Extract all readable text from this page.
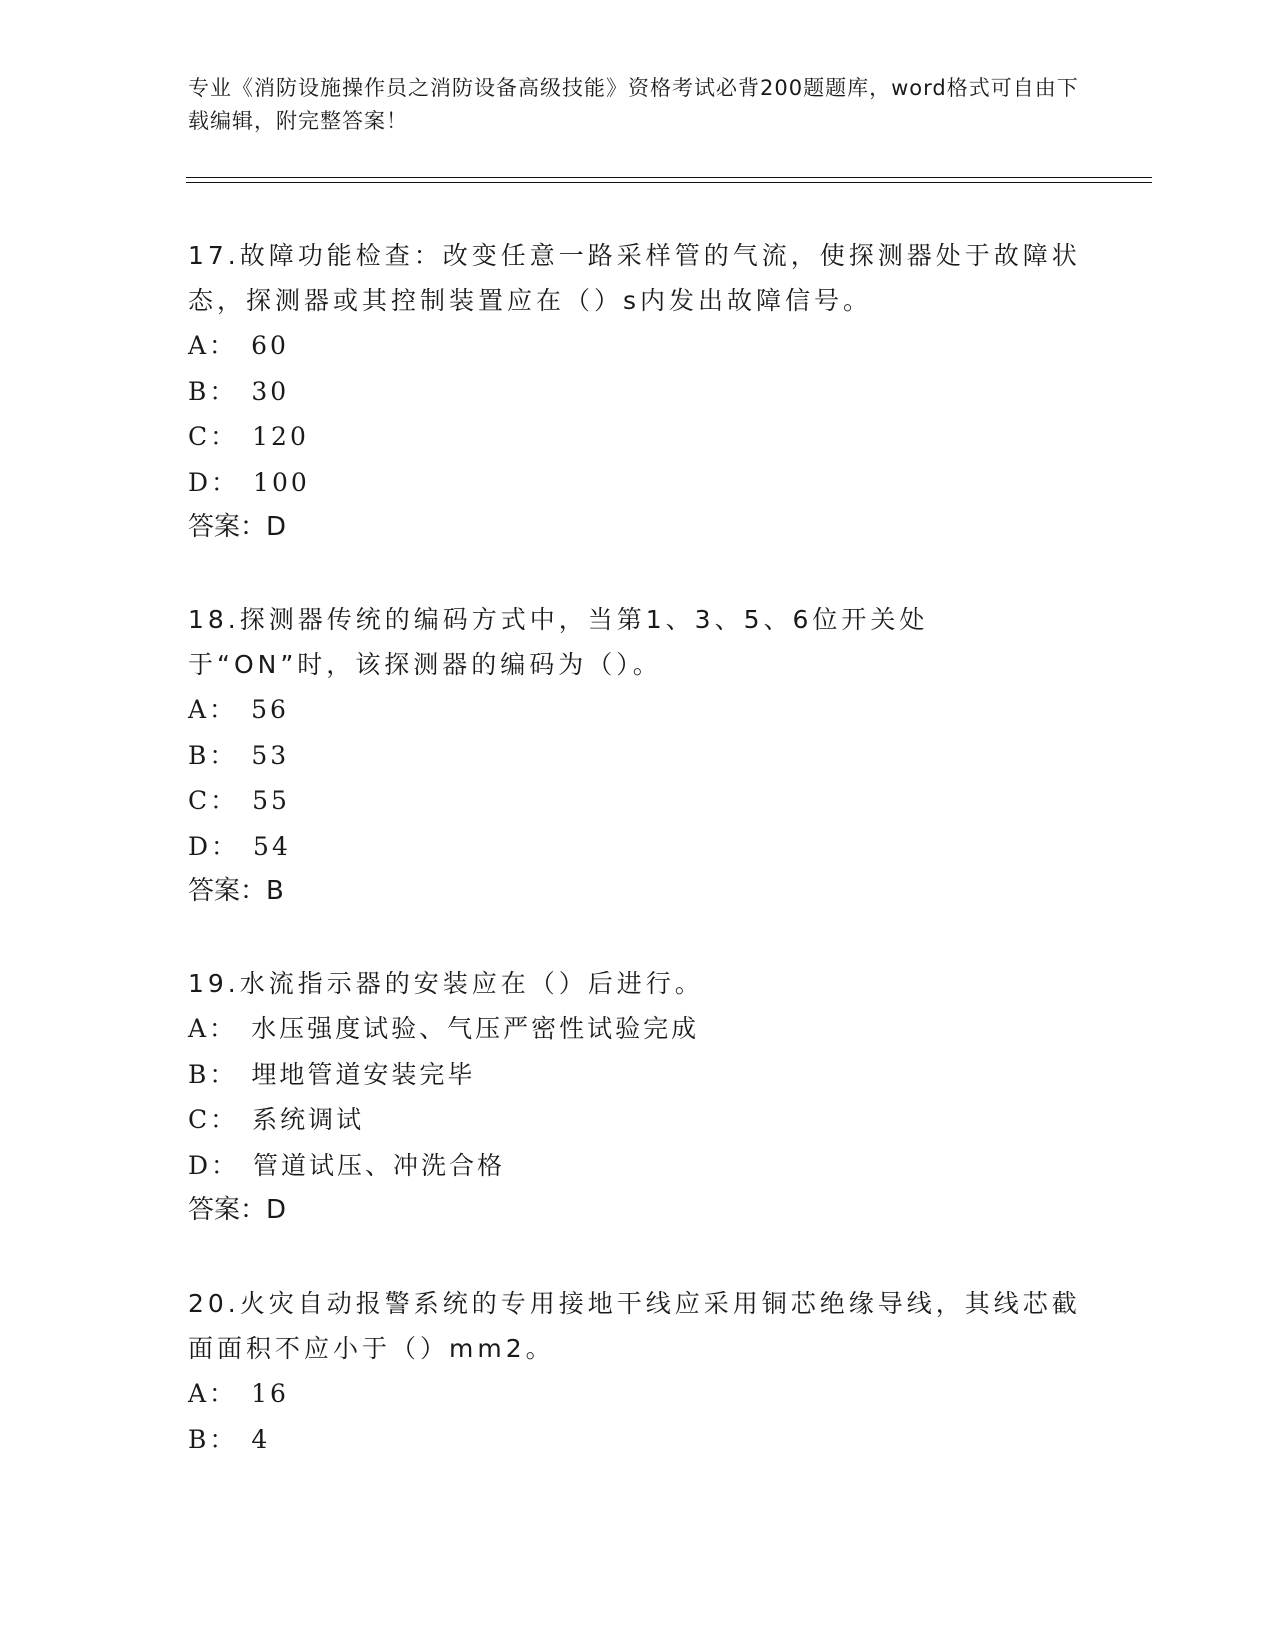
专业《消防设施操作员之消防设备高级技能》资格考试必背200题题库，word格式可自由下载编辑，附完整答案！

17.故障功能检查：改变任意一路采样管的气流，使探测器处于故障状态，探测器或其控制装置应在（）s内发出故障信号。

A： 60

B： 30

C： 120

D： 100

答案：D

18.探测器传统的编码方式中，当第1、3、5、6位开关处于“ON”时，该探测器的编码为（）。

A： 56

B： 53

C： 55

D： 54

答案：B

19.水流指示器的安装应在（）后进行。

A： 水压强度试验、气压严密性试验完成

B： 埋地管道安装完毕

C： 系统调试

D： 管道试压、冲洗合格

答案：D

20.火灾自动报警系统的专用接地干线应采用铜芯绝缘导线，其线芯截面面积不应小于（）mm2。

A： 16

B： 4
